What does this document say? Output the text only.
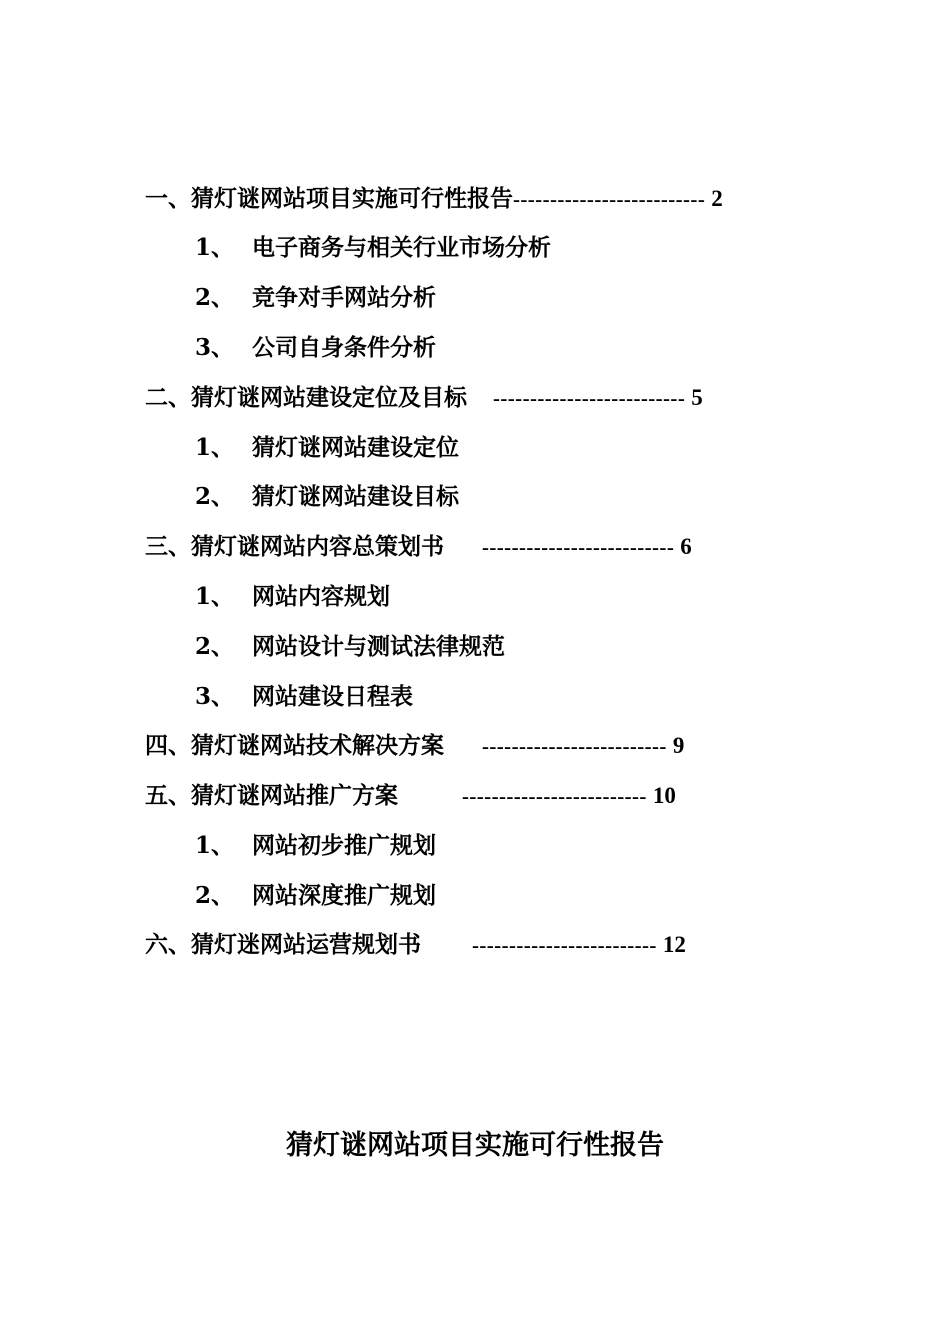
一、猜灯谜网站项目实施可行性报告-------------------------- 2
1、 电子商务与相关行业市场分析
2、 竞争对手网站分析
3、 公司自身条件分析
二、猜灯谜网站建设定位及目标 -------------------------- 5
1、 猜灯谜网站建设定位
2、 猜灯谜网站建设目标
三、猜灯谜网站内容总策划书 -------------------------- 6
1、 网站内容规划
2、 网站设计与测试法律规范
3、 网站建设日程表
四、猜灯谜网站技术解决方案 ------------------------- 9
五、猜灯谜网站推广方案	------------------------- 10
1、 网站初步推广规划
2、 网站深度推广规划
六、猜灯迷网站运营规划书 ------------------------- 12
猜灯谜网站项目实施可行性报告
